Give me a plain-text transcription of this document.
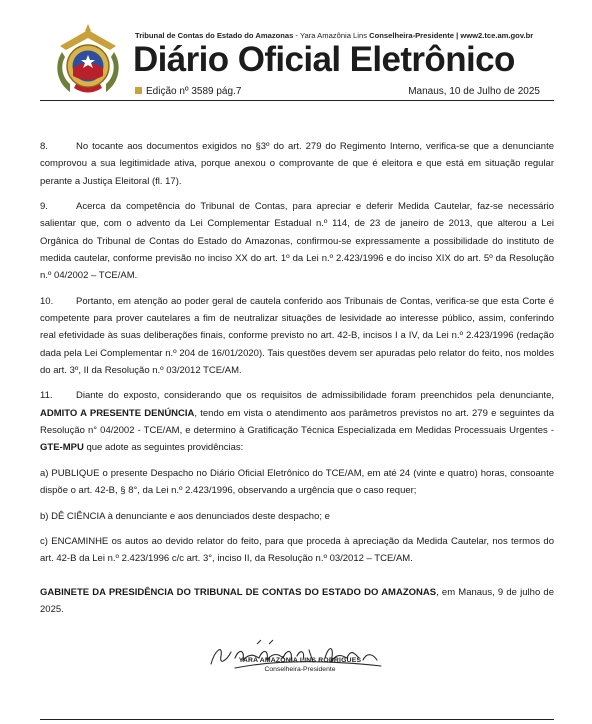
Tribunal de Contas do Estado do Amazonas - Yara Amazônia Lins Conselheira-Presidente | www2.tce.am.gov.br
Diário Oficial Eletrônico
Edição nº 3589 pág.7	Manaus, 10 de Julho de 2025

8.	No tocante aos documentos exigidos no §3º do art. 279 do Regimento Interno, verifica-se que a denunciante comprovou a sua legitimidade ativa, porque anexou o comprovante de que é eleitora e que está em situação regular perante a Justiça Eleitoral (fl. 17).

9.	Acerca da competência do Tribunal de Contas, para apreciar e deferir Medida Cautelar, faz-se necessário salientar que, com o advento da Lei Complementar Estadual n.º 114, de 23 de janeiro de 2013, que alterou a Lei Orgânica do Tribunal de Contas do Estado do Amazonas, confirmou-se expressamente a possibilidade do instituto de medida cautelar, conforme previsão no inciso XX do art. 1º da Lei n.º 2.423/1996 e do inciso XIX do art. 5º da Resolução n.º 04/2002 – TCE/AM.

10. Portanto, em atenção ao poder geral de cautela conferido aos Tribunais de Contas, verifica-se que esta Corte é competente para prover cautelares a fim de neutralizar situações de lesividade ao interesse público, assim, conferindo real efetividade às suas deliberações finais, conforme previsto no art. 42-B, incisos I a IV, da Lei n.º 2.423/1996 (redação dada pela Lei Complementar n.º 204 de 16/01/2020). Tais questões devem ser apuradas pelo relator do feito, nos moldes do art. 3º, II da Resolução n.º 03/2012 TCE/AM.

11. Diante do exposto, considerando que os requisitos de admissibilidade foram preenchidos pela denunciante, ADMITO A PRESENTE DENÚNCIA, tendo em vista o atendimento aos parâmetros previstos no art. 279 e seguintes da Resolução n° 04/2002 - TCE/AM, e determino à Gratificação Técnica Especializada em Medidas Processuais Urgentes - GTE-MPU que adote as seguintes providências:

a) PUBLIQUE o presente Despacho no Diário Oficial Eletrônico do TCE/AM, em até 24 (vinte e quatro) horas, consoante dispõe o art. 42-B, § 8°, da Lei n.º 2.423/1996, observando a urgência que o caso requer;

b) DÊ CIÊNCIA à denunciante e aos denunciados deste despacho; e

c) ENCAMINHE os autos ao devido relator do feito, para que proceda à apreciação da Medida Cautelar, nos termos do art. 42-B da Lei n.º 2.423/1996 c/c art. 3°, inciso II, da Resolução n.º 03/2012 – TCE/AM.

GABINETE DA PRESIDÊNCIA DO TRIBUNAL DE CONTAS DO ESTADO DO AMAZONAS, em Manaus, 9 de julho de 2025.

YARA AMAZÔNIA LINS RODRIGUES
Conselheira-Presidente
